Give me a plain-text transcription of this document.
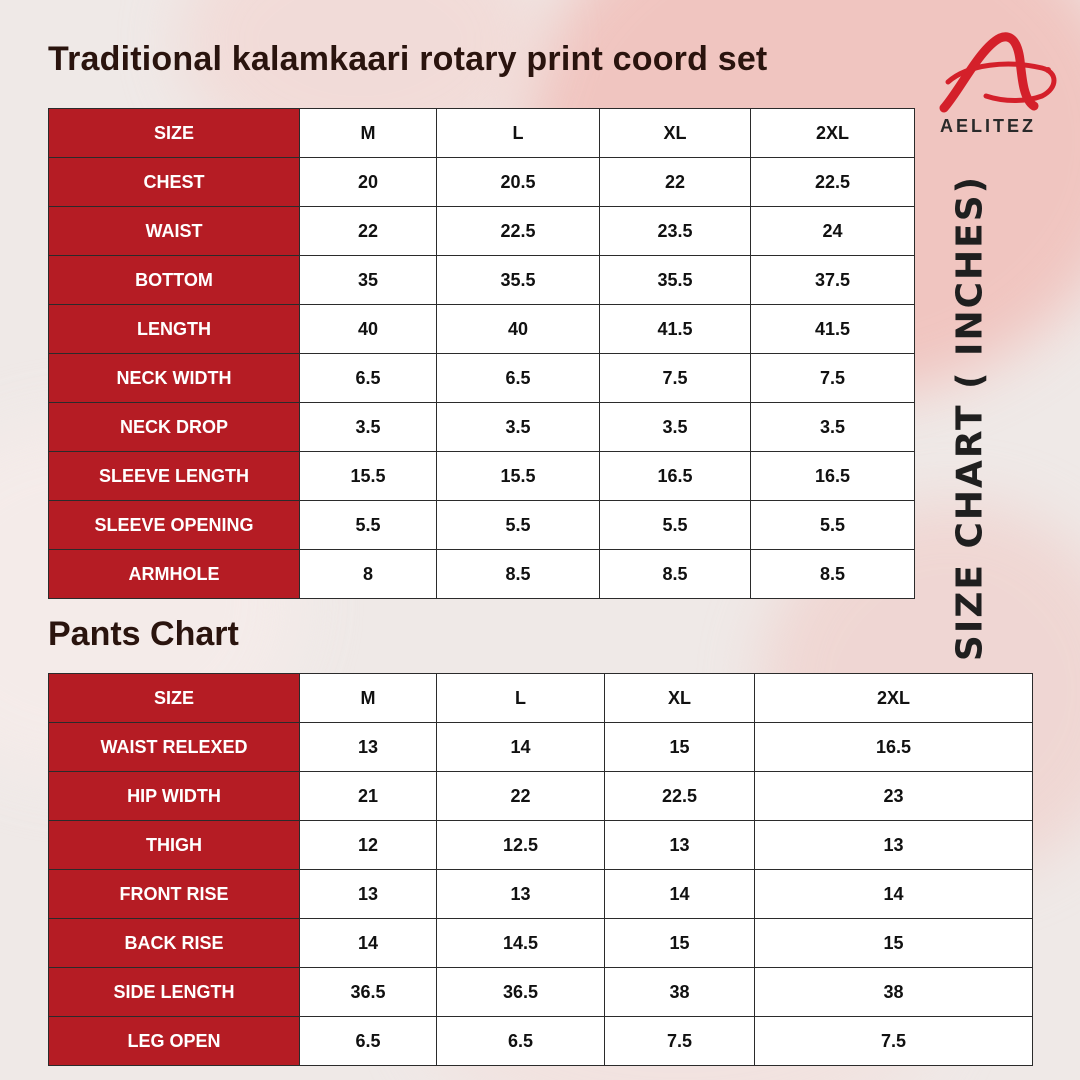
Traditional kalamkaari rotary print coord set
AELITEZ
SIZE CHART ( INCHES)
SIZE	M	L	XL	2XL
CHEST	20	20.5	22	22.5
WAIST	22	22.5	23.5	24
BOTTOM	35	35.5	35.5	37.5
LENGTH	40	40	41.5	41.5
NECK WIDTH	6.5	6.5	7.5	7.5
NECK DROP	3.5	3.5	3.5	3.5
SLEEVE LENGTH	15.5	15.5	16.5	16.5
SLEEVE OPENING	5.5	5.5	5.5	5.5
ARMHOLE	8	8.5	8.5	8.5
Pants Chart
SIZE	M	L	XL	2XL
WAIST RELEXED	13	14	15	16.5
HIP WIDTH	21	22	22.5	23
THIGH	12	12.5	13	13
FRONT RISE	13	13	14	14
BACK RISE	14	14.5	15	15
SIDE LENGTH	36.5	36.5	38	38
LEG OPEN	6.5	6.5	7.5	7.5
